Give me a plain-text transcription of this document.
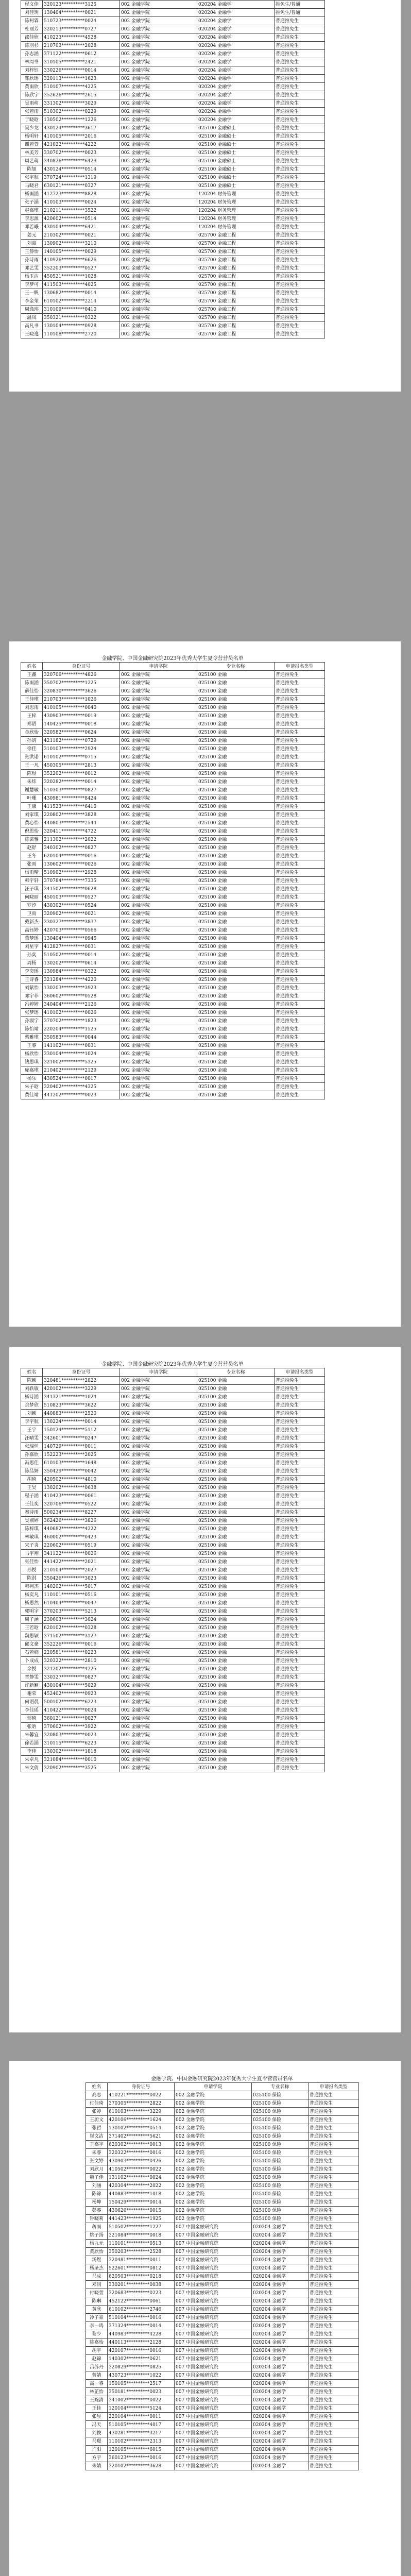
程文佳	320123**********3125	002 金融学院	020204 金融学	推免生/普通
刘佳玥	130404**********0021	002 金融学院	020204 金融学	推免生/普通
陈柯霖	510723**********0024	002 金融学院	020204 金融学	普通推免生
杜丽芳	320213**********0727	002 金融学院	020204 金融学	普通推免生
邵佳欣	410223**********4528	002 金融学院	020204 金融学	普通推免生
陈羽杉	210703**********2028	002 金融学院	020204 金融学	普通推免生
孙志涵	371122**********0612	002 金融学院	020204 金融学	普通推免生
林周书	310105**********2421	002 金融学院	020204 金融学	普通推免生
刘梓钰	330226**********0014	002 金融学院	020204 金融学	普通推免生
邹欣瑶	320113**********1623	002 金融学院	020204 金融学	普通推免生
黄雨欣	510107**********4225	002 金融学院	020204 金融学	普通推免生
陈欣宇	352626**********2615	002 金融学院	020204 金融学	普通推免生
吴雨萌	331302**********3029	002 金融学院	020204 金融学	普通推免生
张若雨	510302**********0229	002 金融学院	020204 金融学	普通推免生
于晓晗	130502**********1226	002 金融学院	020204 金融学	普通推免生
吴少龙	430124**********3617	002 金融学院	025100 金融硕士	普通推免生
杨明轩	410105**********2016	002 金融学院	025100 金融硕士	普通推免生
谢若萱	421022**********4222	002 金融学院	025100 金融硕士	普通推免生
林美芳	330702**********0023	002 金融学院	025100 金融硕士	普通推免生
周艺萌	340826**********6429	002 金融学院	025100 金融硕士	普通推免生
陈旭	430124**********0514	002 金融学院	025100 金融硕士	普通推免生
张宇航	370724**********1319	002 金融学院	025100 金融硕士	普通推免生
马晓君	630121**********0327	002 金融学院	025100 金融硕士	普通推免生
杨雨涵	412723**********8828	002 金融学院	120204 财务管理	普通推免生
张子涵	410103**********0024	002 金融学院	120204 财务管理	普通推免生
赵嘉琪	210211**********3522	002 金融学院	120204 财务管理	普通推免生
李思源	420602**********0514	002 金融学院	120204 财务管理	普通推免生
邓若曦	430104**********6421	002 金融学院	120204 财务管理	普通推免生
姜元	210302**********0021	002 金融学院	025700 金融工程	普通推免生
刘嘉	130902**********3210	002 金融学院	025700 金融工程	普通推免生
王静怡	140105**********0029	002 金融学院	025700 金融工程	普通推免生
孙诗雨	410926**********6626	002 金融学院	025700 金融工程	普通推免生
邓艺雯	352203**********0527	002 金融学院	025700 金融工程	普通推免生
杨玉洁	450521**********1028	002 金融学院	025700 金融工程	普通推免生
李梦可	411503**********4025	002 金融学院	025700 金融工程	普通推免生
王一帆	130682**********0014	002 金融学院	025700 金融工程	普通推免生
李金荣	610102**********2214	002 金融学院	025700 金融工程	普通推免生
周逸玮	310109**********0410	002 金融学院	025700 金融工程	普通推免生
温凤	350321**********0322	002 金融学院	025700 金融工程	普通推免生
高凡书	130104**********0928	002 金融学院	025700 金融工程	普通推免生
王晓逸	110108**********2720	002 金融学院	025700 金融工程	普通推免生
金融学院、中国金融研究院2023年优秀大学生夏令营营员名单
姓名	身份证号	申请学院	专业名称	申请报名类型
王鑫	320706**********4826	002 金融学院	025100 金融	普通推免生
陈雨涵	350702**********1225	002 金融学院	025100 金融	普通推免生
薛佳怡	320830**********3626	002 金融学院	025100 金融	普通推免生
王佳琪	210703**********1026	002 金融学院	025100 金融	普通推免生
刘思雨	410105**********0040	002 金融学院	025100 金融	普通推免生
王梓	430903**********0019	002 金融学院	025100 金融	普通推免生
郑语	140425**********0018	002 金融学院	025100 金融	普通推免生
金欣怡	320582**********0624	002 金融学院	025100 金融	普通推免生
孙妍	421182**********0729	002 金融学院	025100 金融	普通推免生
徐佳	310103**********2924	002 金融学院	025100 金融	普通推免生
张洪诺	610102**********0715	002 金融学院	025100 金融	普通推免生
王一凡	450305**********2813	002 金融学院	025100 金融	普通推免生
陈煜	352202**********0012	002 金融学院	025100 金融	普通推免生
朱炜	320282**********0014	002 金融学院	025100 金融	普通推免生
谢慧敏	510303**********0827	002 金融学院	025100 金融	普通推免生
叶珊	430981**********8424	002 金融学院	025100 金融	普通推免生
王康	411523**********6410	002 金融学院	025100 金融	普通推免生
刘家琪	220802**********3828	002 金融学院	025100 金融	普通推免生
黄心怡	440803**********2544	002 金融学院	025100 金融	普通推免生
倪思怡	320411**********4722	002 金融学院	025100 金融	普通推免生
陈芸雅	211302**********2022	002 金融学院	025100 金融	普通推免生
赵舒	340302**********0827	002 金融学院	025100 金融	普通推免生
王冬	620104**********0016	002 金融学院	025100 金融	普通推免生
张雨	130602**********0026	002 金融学院	025100 金融	普通推免生
杨雨晴	510902**********2928	002 金融学院	025100 金融	普通推免生
韩宇轩	370784**********7335	002 金融学院	025100 金融	普通推免生
汪子琪	341502**********0628	002 金融学院	025100 金融	普通推免生
何晓丽	450103**********0527	002 金融学院	025100 金融	普通推免生
罗汐	430302**********0524	002 金融学院	025100 金融	普通推免生
卫雨	320902**********0021	002 金融学院	025100 金融	普通推免生
戴新杰	330327**********3837	002 金融学院	025100 金融	普通推免生
高钰婷	420703**********0566	002 金融学院	025100 金融	普通推免生
董梦瑶	130404**********0945	002 金融学院	025100 金融	普通推免生
刘星宇	412827**********0031	002 金融学院	025100 金融	普通推免生
孙奕	510502**********0014	002 金融学院	025100 金融	普通推免生
周杨	130202**********0614	002 金融学院	025100 金融	普通推免生
李奕瑶	130984**********0322	002 金融学院	025100 金融	普通推免生
王诗睿	321284**********4220	002 金融学院	025100 金融	普通推免生
刘紫怡	130203**********3923	002 金融学院	025100 金融	普通推免生
邓宇菲	360602**********0528	002 金融学院	025100 金融	普通推免生
冯婷婷	340404**********2126	002 金融学院	025100 金融	普通推免生
张梦瑶	410102**********0026	002 金融学院	025100 金融	普通推免生
孙淑宁	370702**********1823	002 金融学院	025100 金融	普通推免生
陈怡靖	220204**********1525	002 金融学院	025100 金融	普通推免生
蔡雅琪	350583**********0044	002 金融学院	025100 金融	普通推免生
王睿	141102**********0031	002 金融学院	025100 金融	普通推免生
杨欣怡	330104**********1024	002 金融学院	025100 金融	普通推免生
钱思琪	321002**********5325	002 金融学院	025100 金融	普通推免生
庞嘉琪	210402**********2129	002 金融学院	025100 金融	普通推免生
杨乐	430524**********0017	002 金融学院	025100 金融	普通推免生
朱子晗	320402**********4325	002 金融学院	025100 金融	普通推免生
黄佳靖	441202**********0023	002 金融学院	025100 金融	普通推免生
金融学院、中国金融研究院2023年优秀大学生夏令营营员名单
姓名	身份证号	申请学院	专业名称	申请报名类型
陈颖	320481**********2822	002 金融学院	025100 金融	普通推免生
刘轶敏	420102**********3229	002 金融学院	025100 金融	普通推免生
杨诗涵	341321**********1024	002 金融学院	025100 金融	普通推免生
余梦欣	510823**********3622	002 金融学院	025100 金融	普通推免生
刘颖	440883**********2520	002 金融学院	025100 金融	普通推免生
李宇航	130224**********0014	002 金融学院	025100 金融	普通推免生
王宇	150124**********5112	002 金融学院	025100 金融	普通推免生
汪晴雯	342601**********0247	002 金融学院	025100 金融	普通推免生
张瑞恒	140729**********0011	002 金融学院	025100 金融	普通推免生
孙嘉欣	152223**********2025	002 金融学院	025100 金融	普通推免生
冯思佳	610103**********1648	002 金融学院	025100 金融	普通推免生
陈品妍	350429**********0042	002 金融学院	025100 金融	普通推免生
胡琦	420502**********4810	002 金融学院	025100 金融	普通推免生
王昊	130202**********0638	002 金融学院	025100 金融	普通推免生
程子涵	410423**********0061	002 金融学院	025100 金融	普通推免生
王佳奕	320706**********0522	002 金融学院	025100 金融	普通推免生
秦诗雨	500234**********8227	002 金融学院	025100 金融	普通推免生
吴淑婷	362426**********3826	002 金融学院	025100 金融	普通推免生
陈梓琪	440682**********4222	002 金融学院	025100 金融	普通推免生
林敏琪	460002**********0423	002 金融学院	025100 金融	普通推免生
宋子炎	220602**********0519	002 金融学院	025100 金融	普通推免生
马宇翔	341122**********0026	002 金融学院	025100 金融	普通推免生
张佳怡	441422**********2021	002 金融学院	025100 金融	普通推免生
孙悦	210104**********2027	002 金融学院	025100 金融	普通推免生
陈淇	350426**********3023	002 金融学院	025100 金融	普通推免生
韩柯杰	140202**********5017	002 金融学院	025100 金融	普通推免生
杨奕凡	110101**********0516	002 金融学院	025100 金融	普通推免生
杨思然	610404**********0047	002 金融学院	025100 金融	普通推免生
郭明宇	370203**********5213	002 金融学院	025100 金融	普通推免生
周子涵	230603**********3024	002 金融学院	025100 金融	普通推免生
王若晗	620102**********0328	002 金融学院	025100 金融	普通推免生
魏思颖	371502**********3127	002 金融学院	025100 金融	普通推免生
邱文豪	352226**********0016	002 金融学院	025100 金融	普通推免生
石若楠	220581**********0223	002 金融学院	025100 金融	普通推免生
卜成成	320322**********2810	002 金融学院	025100 金融	普通推免生
余悦	321202**********4225	002 金融学院	025100 金融	普通推免生
章静雯	330327**********0827	002 金融学院	025100 金融	普通推免生
许新颖	430104**********5029	002 金融学院	025100 金融	普通推免生
谢荣	452402**********0923	002 金融学院	025100 金融	普通推免生
何语晨	500102**********6223	002 金融学院	025100 金融	普通推免生
李佳瑶	410422**********0024	002 金融学院	025100 金融	普通推免生
邹琦	360121**********0027	002 金融学院	025100 金融	普通推免生
张晗	370602**********3922	002 金融学院	025100 金融	普通推免生
朱馨宜	320803**********0023	002 金融学院	025100 金融	普通推免生
徐若涵	310115**********6223	002 金融学院	025100 金融	普通推免生
李佳	130302**********1818	002 金融学院	025100 金融	普通推免生
朱卓凡	321084**********0010	002 金融学院	025100 金融	普通推免生
朱文倩	320902**********3525	002 金融学院	025100 金融	普通推免生
金融学院、中国金融研究院2023年优秀大学生夏令营营员名单
姓名	身份证号	申请学院	专业名称	申请报名类型
高志	410221**********0022	002 金融学院	025100 保险	普通推免生
付佳琦	370305**********2822	002 金融学院	025100 保险	普通推免生
张婷	610103**********3229	002 金融学院	025100 保险	普通推免生
王蔚文	420106**********1624	002 金融学院	025100 保险	普通推免生
张哲	130102**********0514	002 金融学院	025100 保险	普通推免生
崔文洁	371402**********5621	002 金融学院	025100 保险	普通推免生
王嘉宇	620302**********0013	002 金融学院	025100 保险	普通推免生
朱睿	320322**********0016	002 金融学院	025100 保险	普通推免生
张文婷	430903**********0426	002 金融学院	025100 保险	普通推免生
刘欣月	410502**********0022	002 金融学院	025100 保险	普通推免生
魏子佳	131102**********0024	002 金融学院	025100 保险	普通推免生
刘涵	420304**********2022	002 金融学院	025100 保险	普通推免生
陈锦	440883**********1018	002 金融学院	025100 保险	普通推免生
杨坤	150429**********0014	002 金融学院	025100 保险	普通推免生
彭睿	430626**********0015	002 金融学院	025100 保险	普通推免生
钟晓莉	441423**********1925	002 金融学院	025100 保险	普通推免生
蒋雨	510502**********1227	007 中国金融研究院	020204 金融学	普通推免生
姚子扬	321084**********0018	007 中国金融研究院	020204 金融学	普通推免生
杨九元	110101**********0513	007 中国金融研究院	020204 金融学	普通推免生
黄欣怡	350203**********2528	007 中国金融研究院	020204 金融学	普通推免生
汤煜	320481**********0011	007 中国金融研究院	020204 金融学	普通推免生
杨圣杰	522601**********0812	007 中国金融研究院	020204 金融学	普通推免生
马成	620503**********0218	007 中国金融研究院	020204 金融学	普通推免生
邓润	330201**********0038	007 中国金融研究院	020204 金融学	普通推免生
付晓萱	320683**********0223	007 中国金融研究院	020204 金融学	普通推免生
陈琳	452122**********0061	007 中国金融研究院	020204 金融学	普通推免生
黄欣	610102**********2746	007 中国金融研究院	020204 金融学	普通推免生
冷子豪	510104**********0016	007 中国金融研究院	020204 金融学	普通推免生
李一鸣	371324**********0014	007 中国金融研究院	020204 金融学	普通推免生
黎少	440983**********4228	007 中国金融研究院	020204 金融学	普通推免生
陈嘉怡	440113**********2128	007 中国金融研究院	020204 金融学	普通推免生
胡宇	420107**********0016	007 中国金融研究院	020204 金融学	普通推免生
赵锦	140302**********0621	007 中国金融研究院	020204 金融学	普通推免生
吕苏丹	320829**********0825	007 中国金融研究院	020204 金融学	普通推免生
曾婧	430723**********1022	007 中国金融研究院	020204 金融学	普通推免生
高一睿	150105**********2517	007 中国金融研究院	020204 金融学	普通推免生
林芷怡	350181**********0023	007 中国金融研究院	020204 金融学	普通推免生
王婉清	341002**********0022	007 中国金融研究院	020204 金融学	普通推免生
王佳	120104**********5124	007 中国金融研究院	020204 金融学	普通推免生
张昱	220104**********0011	007 中国金融研究院	020204 金融学	普通推免生
冯天	510105**********4017	007 中国金融研究院	020204 金融学	普通推免生
刘俊	430281**********3217	007 中国金融研究院	020204 金融学	普通推免生
马璟	110102**********2313	007 中国金融研究院	020204 金融学	普通推免生
许阳	120105**********6015	007 中国金融研究院	020204 金融学	普通推免生
方宇	360123**********0016	007 中国金融研究院	020204 金融学	普通推免生
朱婧	320102**********3628	007 中国金融研究院	020204 金融学	普通推免生
